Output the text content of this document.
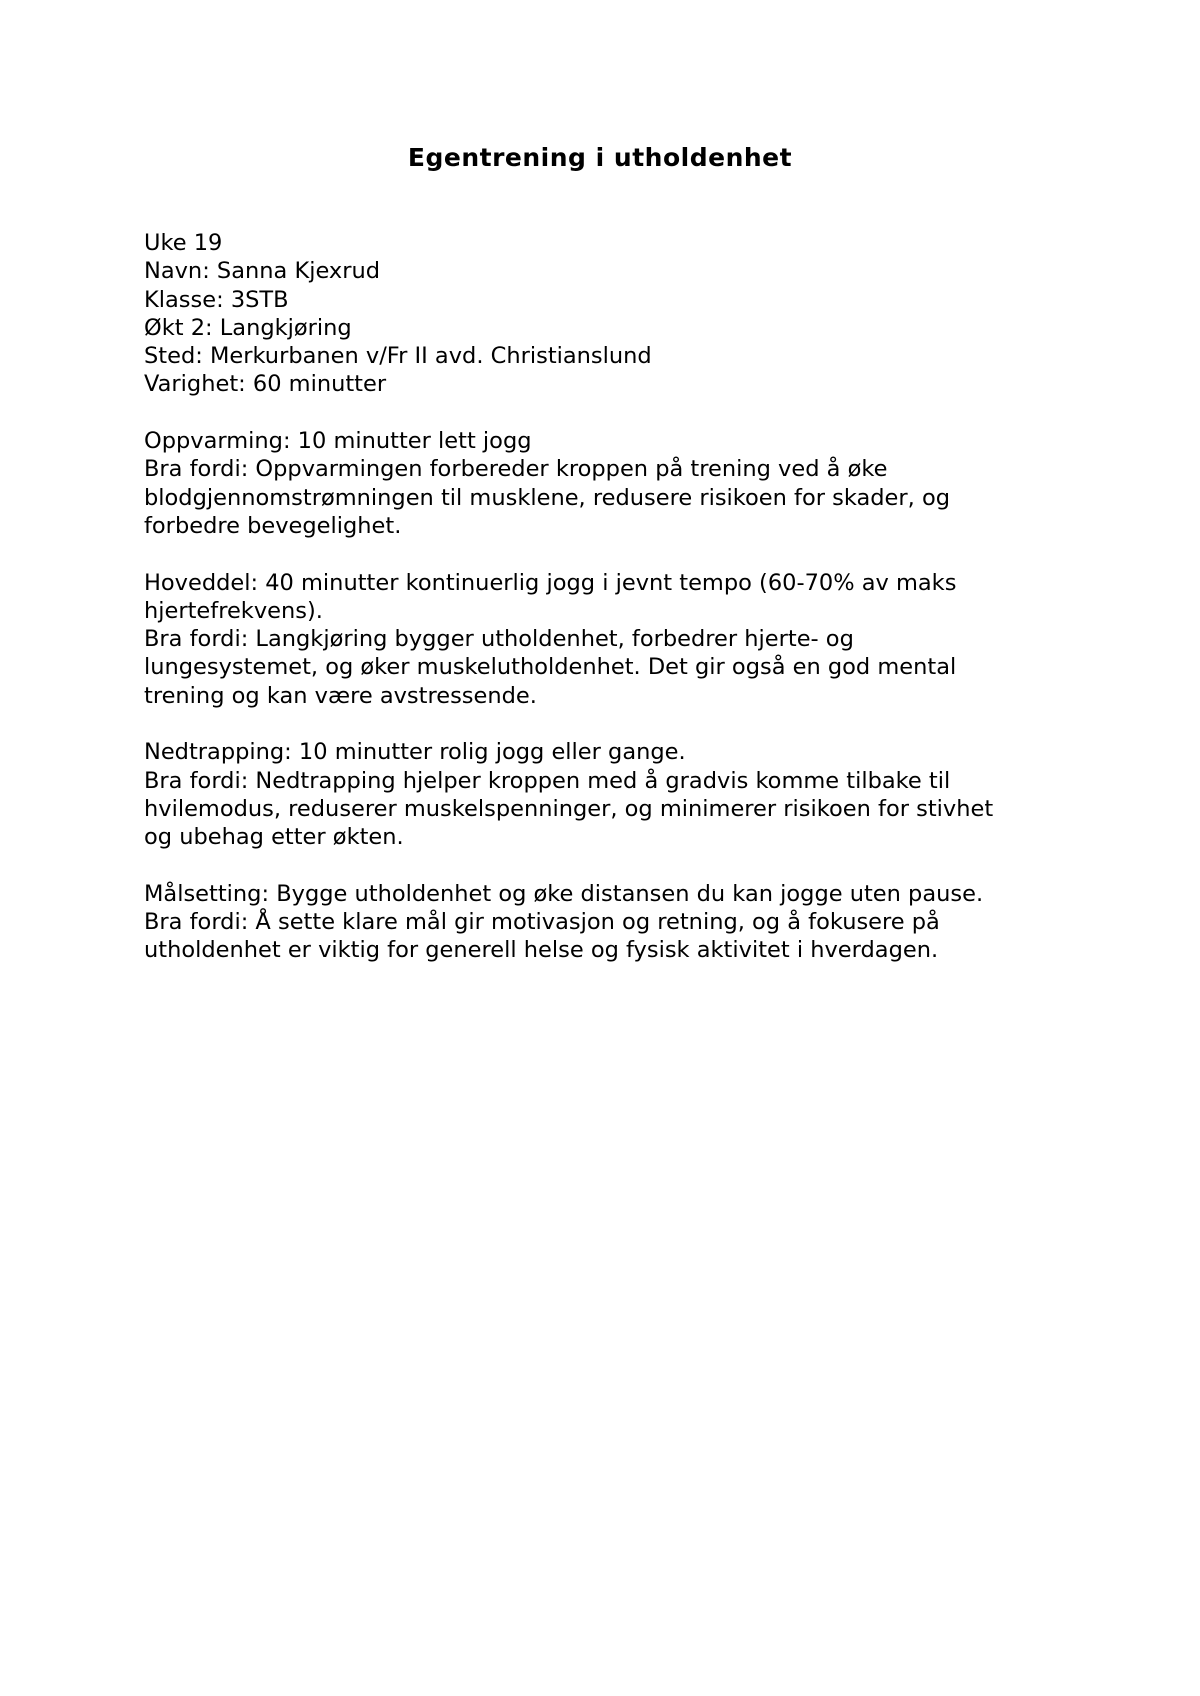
Egentrening i utholdenhet
Uke 19
Navn: Sanna Kjexrud
Klasse: 3STB
Økt 2: Langkjøring
Sted: Merkurbanen v/Fr II avd. Christianslund
Varighet: 60 minutter
Oppvarming: 10 minutter lett jogg
Bra fordi: Oppvarmingen forbereder kroppen på trening ved å øke
blodgjennomstrømningen til musklene, redusere risikoen for skader, og
forbedre bevegelighet.
Hoveddel: 40 minutter kontinuerlig jogg i jevnt tempo (60-70% av maks
hjertefrekvens).
Bra fordi: Langkjøring bygger utholdenhet, forbedrer hjerte- og
lungesystemet, og øker muskelutholdenhet. Det gir også en god mental
trening og kan være avstressende.
Nedtrapping: 10 minutter rolig jogg eller gange.
Bra fordi: Nedtrapping hjelper kroppen med å gradvis komme tilbake til
hvilemodus, reduserer muskelspenninger, og minimerer risikoen for stivhet
og ubehag etter økten.
Målsetting: Bygge utholdenhet og øke distansen du kan jogge uten pause.
Bra fordi: Å sette klare mål gir motivasjon og retning, og å fokusere på
utholdenhet er viktig for generell helse og fysisk aktivitet i hverdagen.
